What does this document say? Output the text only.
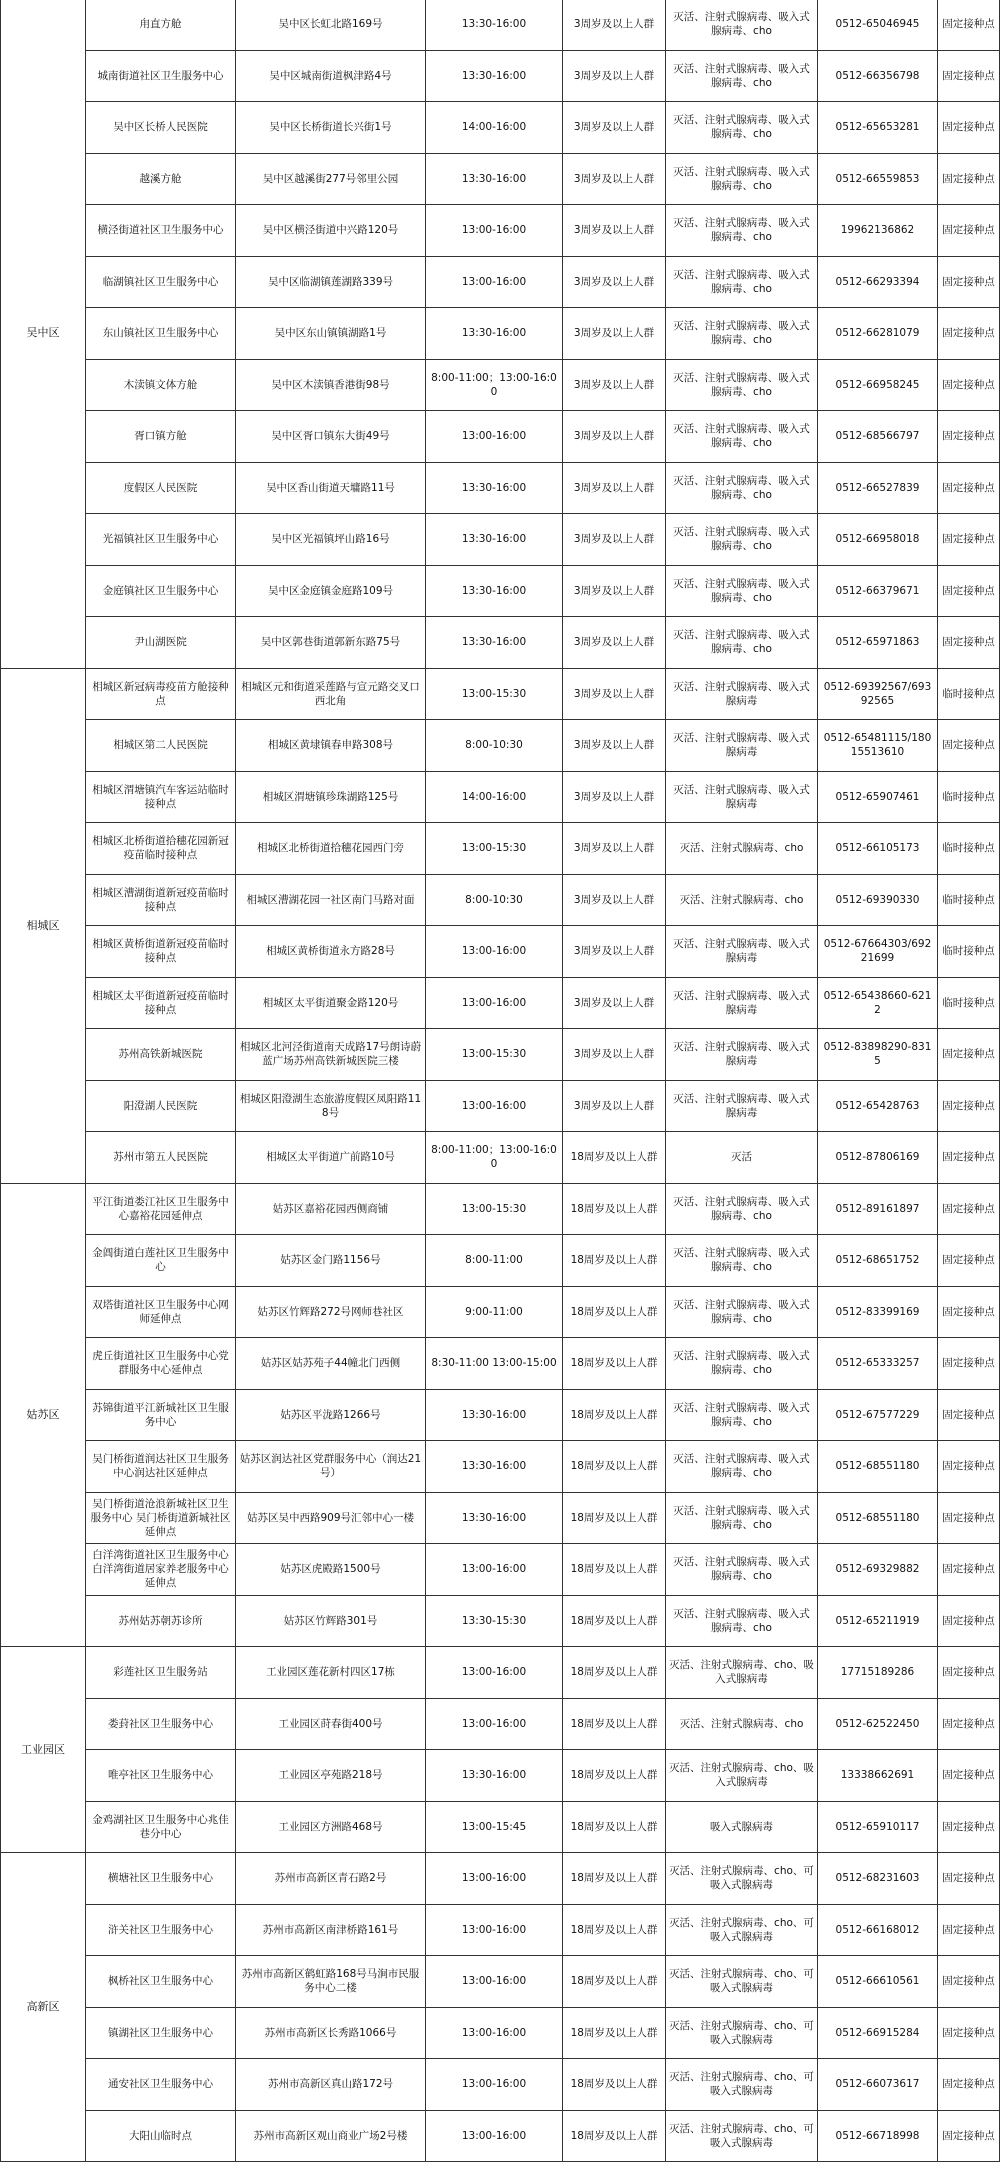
吴中区	甪直方舱	吴中区长虹北路169号	13:30-16:00	3周岁及以上人群	灭活、注射式腺病毒、吸入式腺病毒、cho	0512-65046945	固定接种点
	城南街道社区卫生服务中心	吴中区城南街道枫津路4号	13:30-16:00	3周岁及以上人群	灭活、注射式腺病毒、吸入式腺病毒、cho	0512-66356798	固定接种点
	吴中区长桥人民医院	吴中区长桥街道长兴街1号	14:00-16:00	3周岁及以上人群	灭活、注射式腺病毒、吸入式腺病毒、cho	0512-65653281	固定接种点
	越溪方舱	吴中区越溪街277号邻里公园	13:30-16:00	3周岁及以上人群	灭活、注射式腺病毒、吸入式腺病毒、cho	0512-66559853	固定接种点
	横泾街道社区卫生服务中心	吴中区横泾街道中兴路120号	13:00-16:00	3周岁及以上人群	灭活、注射式腺病毒、吸入式腺病毒、cho	19962136862	固定接种点
	临湖镇社区卫生服务中心	吴中区临湖镇莲湖路339号	13:00-16:00	3周岁及以上人群	灭活、注射式腺病毒、吸入式腺病毒、cho	0512-66293394	固定接种点
	东山镇社区卫生服务中心	吴中区东山镇镇湖路1号	13:30-16:00	3周岁及以上人群	灭活、注射式腺病毒、吸入式腺病毒、cho	0512-66281079	固定接种点
	木渎镇文体方舱	吴中区木渎镇香港街98号	8:00-11:00；13:00-16:00	3周岁及以上人群	灭活、注射式腺病毒、吸入式腺病毒、cho	0512-66958245	固定接种点
	胥口镇方舱	吴中区胥口镇东大街49号	13:00-16:00	3周岁及以上人群	灭活、注射式腺病毒、吸入式腺病毒、cho	0512-68566797	固定接种点
	度假区人民医院	吴中区香山街道天墉路11号	13:30-16:00	3周岁及以上人群	灭活、注射式腺病毒、吸入式腺病毒、cho	0512-66527839	固定接种点
	光福镇社区卫生服务中心	吴中区光福镇坪山路16号	13:30-16:00	3周岁及以上人群	灭活、注射式腺病毒、吸入式腺病毒、cho	0512-66958018	固定接种点
	金庭镇社区卫生服务中心	吴中区金庭镇金庭路109号	13:30-16:00	3周岁及以上人群	灭活、注射式腺病毒、吸入式腺病毒、cho	0512-66379671	固定接种点
	尹山湖医院	吴中区郭巷街道郭新东路75号	13:30-16:00	3周岁及以上人群	灭活、注射式腺病毒、吸入式腺病毒、cho	0512-65971863	固定接种点
相城区	相城区新冠病毒疫苗方舱接种点	相城区元和街道采莲路与宣元路交叉口西北角	13:00-15:30	3周岁及以上人群	灭活、注射式腺病毒、吸入式腺病毒	0512-69392567/69392565	临时接种点
	相城区第二人民医院	相城区黄埭镇春申路308号	8:00-10:30	3周岁及以上人群	灭活、注射式腺病毒、吸入式腺病毒	0512-65481115/18015513610	固定接种点
	相城区渭塘镇汽车客运站临时接种点	相城区渭塘镇珍珠湖路125号	14:00-16:00	3周岁及以上人群	灭活、注射式腺病毒、吸入式腺病毒	0512-65907461	临时接种点
	相城区北桥街道拾穗花园新冠疫苗临时接种点	相城区北桥街道拾穗花园西门旁	13:00-15:30	3周岁及以上人群	灭活、注射式腺病毒、cho	0512-66105173	临时接种点
	相城区漕湖街道新冠疫苗临时接种点	相城区漕湖花园一社区南门马路对面	8:00-10:30	3周岁及以上人群	灭活、注射式腺病毒、cho	0512-69390330	临时接种点
	相城区黄桥街道新冠疫苗临时接种点	相城区黄桥街道永方路28号	13:00-16:00	3周岁及以上人群	灭活、注射式腺病毒、吸入式腺病毒	0512-67664303/69221699	临时接种点
	相城区太平街道新冠疫苗临时接种点	相城区太平街道聚金路120号	13:00-16:00	3周岁及以上人群	灭活、注射式腺病毒、吸入式腺病毒	0512-65438660-6212	临时接种点
	苏州高铁新城医院	相城区北河泾街道南天成路17号朗诗蔚蓝广场苏州高铁新城医院三楼	13:00-15:30	3周岁及以上人群	灭活、注射式腺病毒、吸入式腺病毒	0512-83898290-8315	固定接种点
	阳澄湖人民医院	相城区阳澄湖生态旅游度假区凤阳路118号	13:00-16:00	3周岁及以上人群	灭活、注射式腺病毒、吸入式腺病毒	0512-65428763	固定接种点
	苏州市第五人民医院	相城区太平街道广前路10号	8:00-11:00；13:00-16:00	18周岁及以上人群	灭活	0512-87806169	固定接种点
姑苏区	平江街道娄江社区卫生服务中心嘉裕花园延伸点	姑苏区嘉裕花园西侧商铺	13:00-15:30	18周岁及以上人群	灭活、注射式腺病毒、吸入式腺病毒、cho	0512-89161897	固定接种点
	金阊街道白莲社区卫生服务中心	姑苏区金门路1156号	8:00-11:00	18周岁及以上人群	灭活、注射式腺病毒、吸入式腺病毒、cho	0512-68651752	固定接种点
	双塔街道社区卫生服务中心网师延伸点	姑苏区竹辉路272号网师巷社区	9:00-11:00	18周岁及以上人群	灭活、注射式腺病毒、吸入式腺病毒、cho	0512-83399169	固定接种点
	虎丘街道社区卫生服务中心党群服务中心延伸点	姑苏区姑苏苑子44幢北门西侧	8:30-11:00 13:00-15:00	18周岁及以上人群	灭活、注射式腺病毒、吸入式腺病毒、cho	0512-65333257	固定接种点
	苏锦街道平江新城社区卫生服务中心	姑苏区平泷路1266号	13:30-16:00	18周岁及以上人群	灭活、注射式腺病毒、吸入式腺病毒、cho	0512-67577229	固定接种点
	吴门桥街道润达社区卫生服务中心润达社区延伸点	姑苏区润达社区党群服务中心（润达21号）	13:30-16:00	18周岁及以上人群	灭活、注射式腺病毒、吸入式腺病毒、cho	0512-68551180	固定接种点
	吴门桥街道沧浪新城社区卫生服务中心 吴门桥街道新城社区延伸点	姑苏区吴中西路909号汇邻中心一楼	13:30-16:00	18周岁及以上人群	灭活、注射式腺病毒、吸入式腺病毒、cho	0512-68551180	固定接种点
	白洋湾街道社区卫生服务中心白洋湾街道居家养老服务中心延伸点	姑苏区虎殿路1500号	13:00-16:00	18周岁及以上人群	灭活、注射式腺病毒、吸入式腺病毒、cho	0512-69329882	固定接种点
	苏州姑苏朝苏诊所	姑苏区竹辉路301号	13:30-15:30	18周岁及以上人群	灭活、注射式腺病毒、吸入式腺病毒、cho	0512-65211919	固定接种点
工业园区	彩莲社区卫生服务站	工业园区莲花新村四区17栋	13:00-16:00	18周岁及以上人群	灭活、注射式腺病毒、cho、吸入式腺病毒	17715189286	固定接种点
	娄葑社区卫生服务中心	工业园区莳春街400号	13:00-16:00	18周岁及以上人群	灭活、注射式腺病毒、cho	0512-62522450	固定接种点
	唯亭社区卫生服务中心	工业园区亭苑路218号	13:30-16:00	18周岁及以上人群	灭活、注射式腺病毒、cho、吸入式腺病毒	13338662691	固定接种点
	金鸡湖社区卫生服务中心兆佳巷分中心	工业园区方洲路468号	13:00-15:45	18周岁及以上人群	吸入式腺病毒	0512-65910117	固定接种点
高新区	横塘社区卫生服务中心	苏州市高新区青石路2号	13:00-16:00	18周岁及以上人群	灭活、注射式腺病毒、cho、可吸入式腺病毒	0512-68231603	固定接种点
	浒关社区卫生服务中心	苏州市高新区南津桥路161号	13:00-16:00	18周岁及以上人群	灭活、注射式腺病毒、cho、可吸入式腺病毒	0512-66168012	固定接种点
	枫桥社区卫生服务中心	苏州市高新区鹤虹路168号马涧市民服务中心二楼	13:00-16:00	18周岁及以上人群	灭活、注射式腺病毒、cho、可吸入式腺病毒	0512-66610561	固定接种点
	镇湖社区卫生服务中心	苏州市高新区长秀路1066号	13:00-16:00	18周岁及以上人群	灭活、注射式腺病毒、cho、可吸入式腺病毒	0512-66915284	固定接种点
	通安社区卫生服务中心	苏州市高新区真山路172号	13:00-16:00	18周岁及以上人群	灭活、注射式腺病毒、cho、可吸入式腺病毒	0512-66073617	固定接种点
	大阳山临时点	苏州市高新区观山商业广场2号楼	13:00-16:00	18周岁及以上人群	灭活、注射式腺病毒、cho、可吸入式腺病毒	0512-66718998	固定接种点
